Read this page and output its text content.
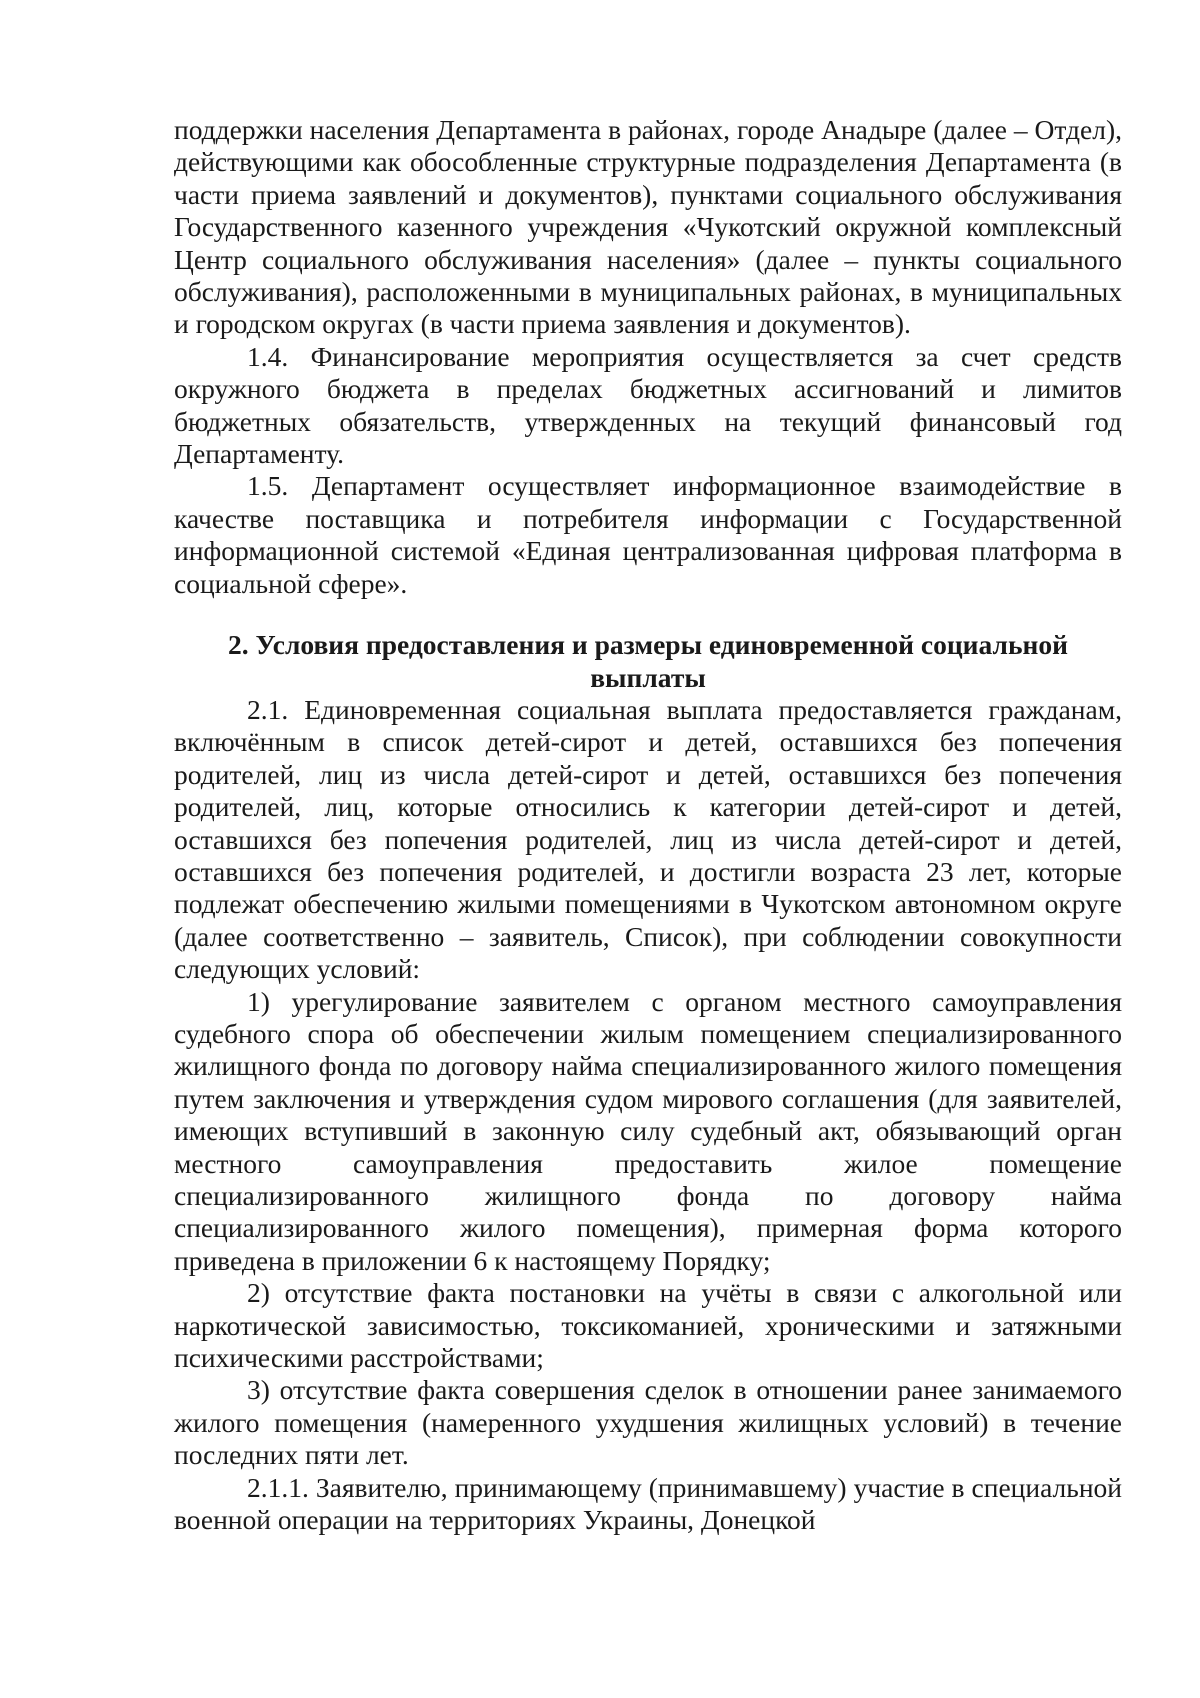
поддержки населения Департамента в районах, городе Анадыре (далее – Отдел), действующими как обособленные структурные подразделения Департамента (в части приема заявлений и документов), пунктами социального обслуживания Государственного казенного учреждения «Чукотский окружной комплексный Центр социального обслуживания населения» (далее – пункты социального обслуживания), расположенными в муниципальных районах, в муниципальных и городском округах (в части приема заявления и документов).

1.4. Финансирование мероприятия осуществляется за счет средств окружного бюджета в пределах бюджетных ассигнований и лимитов бюджетных обязательств, утвержденных на текущий финансовый год Департаменту.

1.5. Департамент осуществляет информационное взаимодействие в качестве поставщика и потребителя информации с Государственной информационной системой «Единая централизованная цифровая платформа в социальной сфере».

2. Условия предоставления и размеры единовременной социальной
выплаты

2.1. Единовременная социальная выплата предоставляется гражданам, включённым в список детей-сирот и детей, оставшихся без попечения родителей, лиц из числа детей-сирот и детей, оставшихся без попечения родителей, лиц, которые относились к категории детей-сирот и детей, оставшихся без попечения родителей, лиц из числа детей-сирот и детей, оставшихся без попечения родителей, и достигли возраста 23 лет, которые подлежат обеспечению жилыми помещениями в Чукотском автономном округе (далее соответственно – заявитель, Список), при соблюдении совокупности следующих условий:

1) урегулирование заявителем с органом местного самоуправления судебного спора об обеспечении жилым помещением специализированного жилищного фонда по договору найма специализированного жилого помещения путем заключения и утверждения судом мирового соглашения (для заявителей, имеющих вступивший в законную силу судебный акт, обязывающий орган местного самоуправления предоставить жилое помещение специализированного жилищного фонда по договору найма специализированного жилого помещения), примерная форма которого приведена в приложении 6 к настоящему Порядку;

2) отсутствие факта постановки на учёты в связи с алкогольной или наркотической зависимостью, токсикоманией, хроническими и затяжными психическими расстройствами;

3) отсутствие факта совершения сделок в отношении ранее занимаемого жилого помещения (намеренного ухудшения жилищных условий) в течение последних пяти лет.

2.1.1. Заявителю, принимающему (принимавшему) участие в специальной военной операции на территориях Украины, Донецкой
